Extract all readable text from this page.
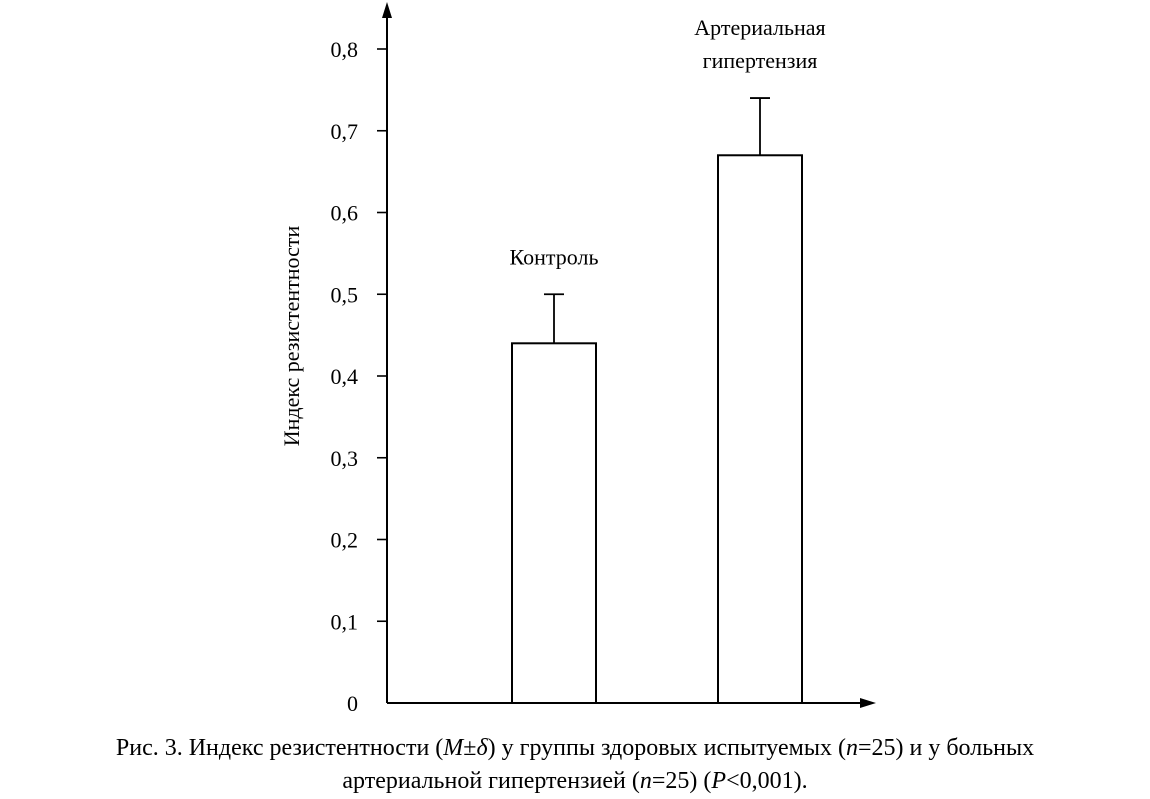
0
0,1
0,2
0,3
0,4
0,5
0,6
0,7
0,8
Индекс резистентности	Контроль
Артериальная
гипертензия
Рис. 3. Индекс резистентности (M±δ) у группы здоровых испытуемых (n=25) и у больных
артериальной гипертензией (n=25) (P<0,001).
